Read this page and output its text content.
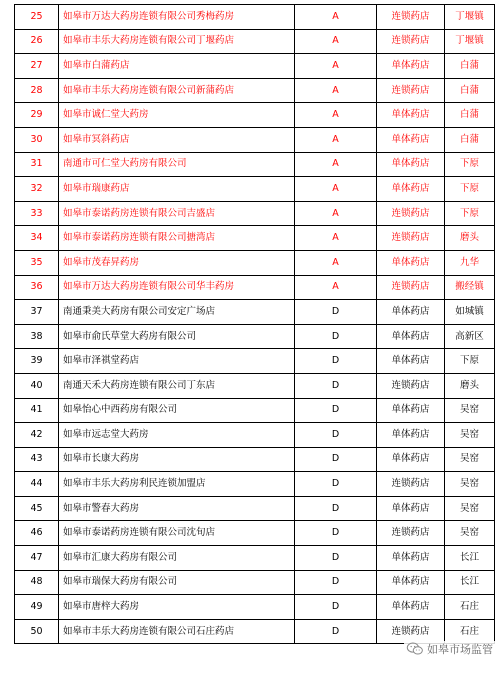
25	如皋市万达大药房连锁有限公司秀梅药房	A	连锁药店	丁堰镇
26	如皋市丰乐大药房连锁有限公司丁堰药店	A	连锁药店	丁堰镇
27	如皋市白蒲药店	A	单体药店	白蒲
28	如皋市丰乐大药房连锁有限公司新蒲药店	A	连锁药店	白蒲
29	如皋市诚仁堂大药房	A	单体药店	白蒲
30	如皋市冥斜药店	A	单体药店	白蒲
31	南通市可仁堂大药房有限公司	A	单体药店	下原
32	如皋市瑞康药店	A	单体药店	下原
33	如皋市泰诺药房连锁有限公司吉盛店	A	连锁药店	下原
34	如皋市泰诺药房连锁有限公司搪湾店	A	连锁药店	磨头
35	如皋市茂春昇药房	A	单体药店	九华
36	如皋市万达大药房连锁有限公司华丰药房	A	连锁药店	搬经镇
37	南通秉美大药房有限公司安定广场店	D	单体药店	如城镇
38	如皋市俞氏草堂大药房有限公司	D	单体药店	高新区
39	如皋市泽祺堂药店	D	单体药店	下原
40	南通天禾大药房连锁有限公司丁东店	D	连锁药店	磨头
41	如皋怡心中西药房有限公司	D	单体药店	吴窑
42	如皋市远志堂大药房	D	单体药店	吴窑
43	如皋市长康大药房	D	单体药店	吴窑
44	如皋市丰乐大药房利民连锁加盟店	D	连锁药店	吴窑
45	如皋市警春大药房	D	单体药店	吴窑
46	如皋市泰诺药房连锁有限公司沈旬店	D	连锁药店	吴窑
47	如皋市汇康大药房有限公司	D	单体药店	长江
48	如皋市瑞保大药房有限公司	D	单体药店	长江
49	如皋市唐梓大药房	D	单体药店	石庄
50	如皋市丰乐大药房连锁有限公司石庄药店	D	连锁药店	石庄
如皋市场监管
